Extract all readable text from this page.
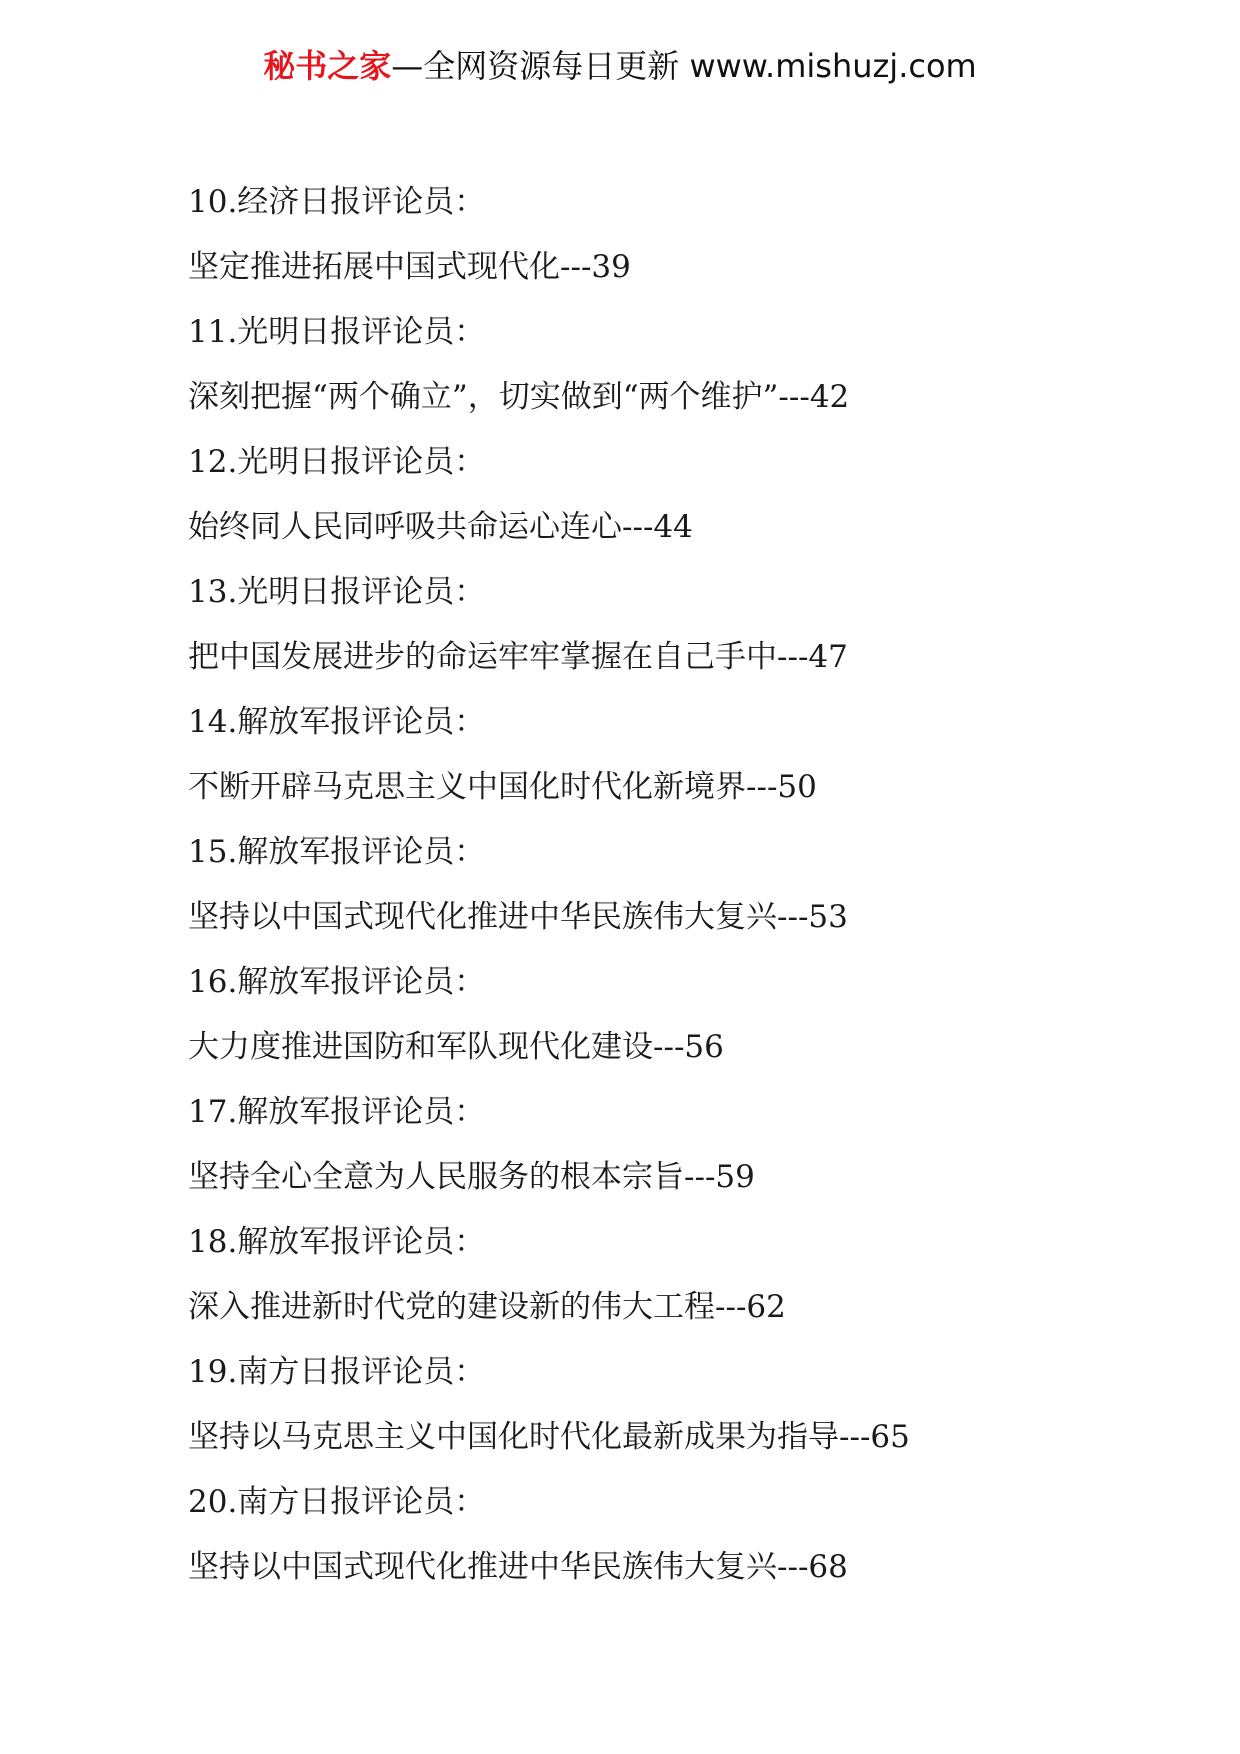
秘书之家—全网资源每日更新 www.mishuzj.com
10.经济日报评论员：
坚定推进拓展中国式现代化---39
11.光明日报评论员：
深刻把握“两个确立”，切实做到“两个维护”---42
12.光明日报评论员：
始终同人民同呼吸共命运心连心---44
13.光明日报评论员：
把中国发展进步的命运牢牢掌握在自己手中---47
14.解放军报评论员：
不断开辟马克思主义中国化时代化新境界---50
15.解放军报评论员：
坚持以中国式现代化推进中华民族伟大复兴---53
16.解放军报评论员：
大力度推进国防和军队现代化建设---56
17.解放军报评论员：
坚持全心全意为人民服务的根本宗旨---59
18.解放军报评论员：
深入推进新时代党的建设新的伟大工程---62
19.南方日报评论员：
坚持以马克思主义中国化时代化最新成果为指导---65
20.南方日报评论员：
坚持以中国式现代化推进中华民族伟大复兴---68
